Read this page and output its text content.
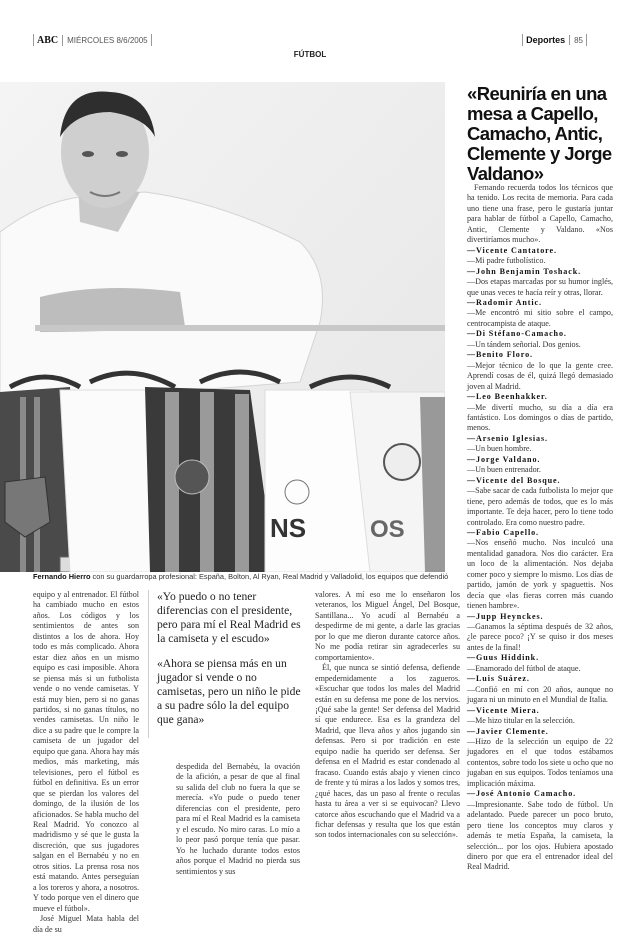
ABC	MIÉRCOLES 8/6/2005	Deportes	85
FÚTBOL
NS	OS
Fernando Hierro con su guardarropa profesional: España, Bolton, Al Ryan, Real Madrid y Valladolid, los equipos que defendió
«Reuniría en una mesa a Capello, Camacho, Antic, Clemente y Jorge Valdano»

Fernando recuerda todos los técnicos que ha tenido. Los recita de memoria. Para cada uno tiene una frase, pero le gustaría juntar para hablar de fútbol a Capello, Camacho, Antic, Clemente y Valdano. «Nos divertiríamos mucho».

—Vicente Cantatore.

—Mi padre futbolístico.

—John Benjamin Toshack.

—Dos etapas marcadas por su humor inglés, que unas veces te hacía reír y otras, llorar.

—Radomir Antic.

—Me encontró mi sitio sobre el campo, centrocampista de ataque.

—Di Stéfano-Camacho.

—Un tándem señorial. Dos genios.

—Benito Floro.

—Mejor técnico de lo que la gente cree. Aprendí cosas de él, quizá llegó demasiado joven al Madrid.

—Leo Beenhakker.

—Me divertí mucho, su día a día era fantástico. Los domingos o días de partido, menos.

—Arsenio Iglesias.

—Un buen hombre.

—Jorge Valdano.

—Un buen entrenador.

—Vicente del Bosque.

—Sabe sacar de cada futbolista lo mejor que tiene, pero además de todos, que es lo más importante. Te deja hacer, pero lo tiene todo controlado. Era como nuestro padre.

—Fabio Capello.

—Nos enseñó mucho. Nos inculcó una mentalidad ganadora. Nos dio carácter. Era un loco de la alimentación. Nos dejaba comer poco y siempre lo mismo. Los días de partido, jamón de york y spaguettis. Nos decía que «las fieras corren más cuando tienen hambre».

—Jupp Heynckes.

—Ganamos la séptima después de 32 años, ¿le parece poco? ¡Y se quiso ir dos meses antes de la final!

—Guus Hiddink.

—Enamorado del fútbol de ataque.

—Luis Suárez.

—Confió en mí con 20 años, aunque no jugara ni un minuto en el Mundial de Italia.

—Vicente Miera.

—Me hizo titular en la selección.

—Javier Clemente.

—Hizo de la selección un equipo de 22 jugadores en el que todos estábamos contentos, sobre todo los siete u ocho que no jugaban en sus equipos. Todos teníamos una implicación máxima.

—José Antonio Camacho.

—Impresionante. Sabe todo de fútbol. Un adelantado. Puede parecer un poco bruto, pero tiene los conceptos muy claros y además te metía España, la camiseta, la selección... por los ojos. Hubiera apostado dinero por que era el entrenador ideal del Real Madrid.

equipo y al entrenador. El fútbol ha cambiado mucho en estos años. Los códigos y los sentimientos de antes son distintos a los de ahora. Hoy todo es más complicado. Ahora estar diez años en un mismo equipo es casi imposible. Ahora se piensa más si un futbolista vende o no vende camisetas. Y está muy bien, pero si no ganas partidos, si no ganas títulos, no vendes camisetas. Un niño le dice a su padre que le compre la camiseta de un jugador del equipo que gana. Ahora hay más medios, más marketing, más televisiones, pero el fútbol es fútbol en definitiva. Es un error que se pierdan los valores del domingo, de la ilusión de los aficionados. Se habla mucho del Real Madrid. Yo conozco al madridismo y sé que le gusta la discreción, que sus jugadores salgan en el Bernabéu y no en otros sitios. La prensa rosa nos está matando. Antes perseguían a los toreros y ahora, a nosotros. Y todo porque ven el dinero que mueve el fútbol».

José Miguel Mata habla del día de su

«Yo puedo o no tener diferencias con el presidente, pero para mí el Real Madrid es la camiseta y el escudo»

«Ahora se piensa más en un jugador si vende o no camisetas, pero un niño le pide a su padre sólo la del equipo que gana»

despedida del Bernabéu, la ovación de la afición, a pesar de que al final su salida del club no fuera la que se merecía. «Yo pude o puedo tener diferencias con el presidente, pero para mí el Real Madrid es la camiseta y el escudo. No miro caras. Lo mío a lo peor pasó porque tenía que pasar. Yo he luchado durante todos estos años porque el Madrid no pierda sus sentimientos y sus

valores. A mí eso me lo enseñaron los veteranos, los Miguel Ángel, Del Bosque, Santillana... Yo acudí al Bernabéu a despedirme de mi gente, a darle las gracias por lo que me dieron durante catorce años. No me podía retirar sin agradecerles su comportamiento».

Él, que nunca se sintió defensa, defiende empedernidamente a los zagueros. «Escuchar que todos los males del Madrid están en su defensa me pone de los nervios. ¡Qué sabe la gente! Ser defensa del Madrid sí que endurece. Esa es la grandeza del Madrid, que lleva años y años jugando sin defensas. Pero si por tradición en este equipo nadie ha querido ser defensa. Ser defensa en el Madrid es estar condenado al fracaso. Cuando estás abajo y vienen cinco de frente y tú miras a los lados y somos tres, ¿qué haces, das un paso al frente o reculas hasta tu área a ver si se equivocan? Llevo catorce años escuchando que el Madrid va a fichar defensas y resulta que los que están son todos internacionales con su selección».
